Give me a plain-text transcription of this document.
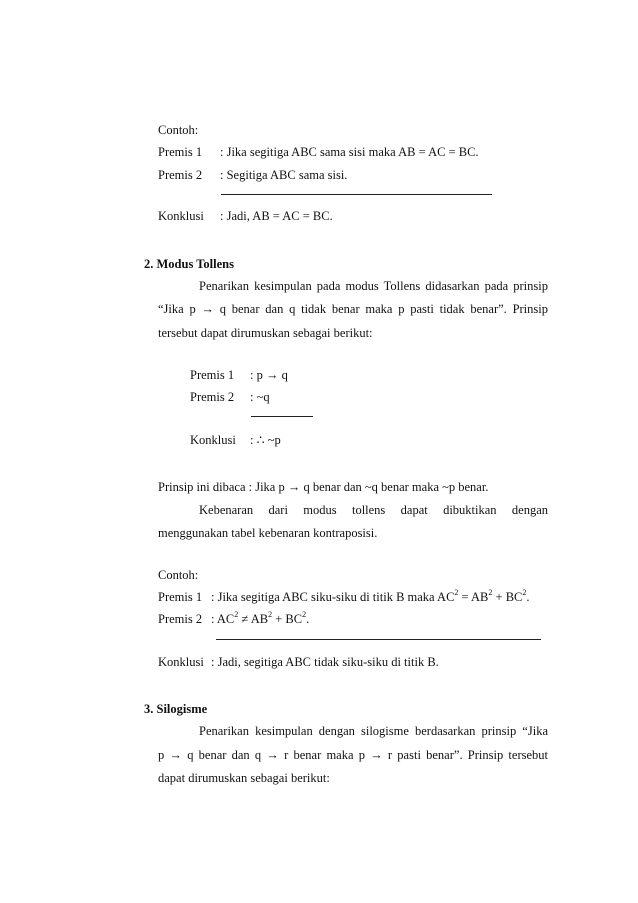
Contoh:
Premis 1 : Jika segitiga ABC sama sisi maka AB = AC = BC.
Premis 2 : Segitiga ABC sama sisi.
Konklusi : Jadi, AB = AC = BC.
2. Modus Tollens
Penarikan kesimpulan pada modus Tollens didasarkan pada prinsip
“Jika p → q benar dan q tidak benar maka p pasti tidak benar”. Prinsip
tersebut dapat dirumuskan sebagai berikut:
Premis 1 : p → q
Premis 2 : ~q
Konklusi : ∴ ~p
Prinsip ini dibaca : Jika p → q benar dan ~q benar maka ~p benar.
Kebenaran dari modus tollens dapat dibuktikan dengan
menggunakan tabel kebenaran kontraposisi.
Contoh:
Premis 1 : Jika segitiga ABC siku-siku di titik B maka $AC^2 = AB^2 + BC^2$.
Premis 2 : $AC^2 \ne AB^2 + BC^2$.
Konklusi : Jadi, segitiga ABC tidak siku-siku di titik B.
3. Silogisme
Penarikan kesimpulan dengan silogisme berdasarkan prinsip “Jika
p → q benar dan q → r benar maka p → r pasti benar”. Prinsip tersebut
dapat dirumuskan sebagai berikut:
